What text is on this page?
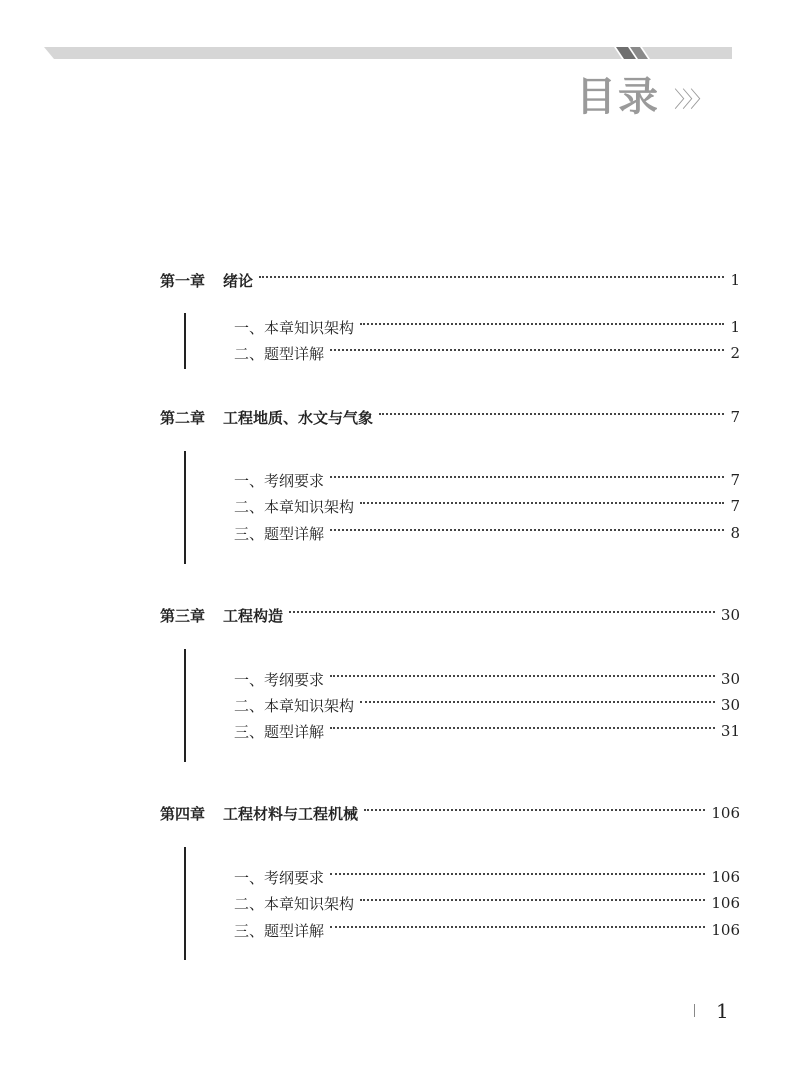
目录 〉〉〉
第一章 绪论	1
一、本章知识架构	1
二、题型详解	2
第二章 工程地质、水文与气象	7
一、考纲要求	7
二、本章知识架构	7
三、题型详解	8
第三章 工程构造	30
一、考纲要求	30
二、本章知识架构	30
三、题型详解	31
第四章 工程材料与工程机械	106
一、考纲要求	106
二、本章知识架构	106
三、题型详解	106
1
